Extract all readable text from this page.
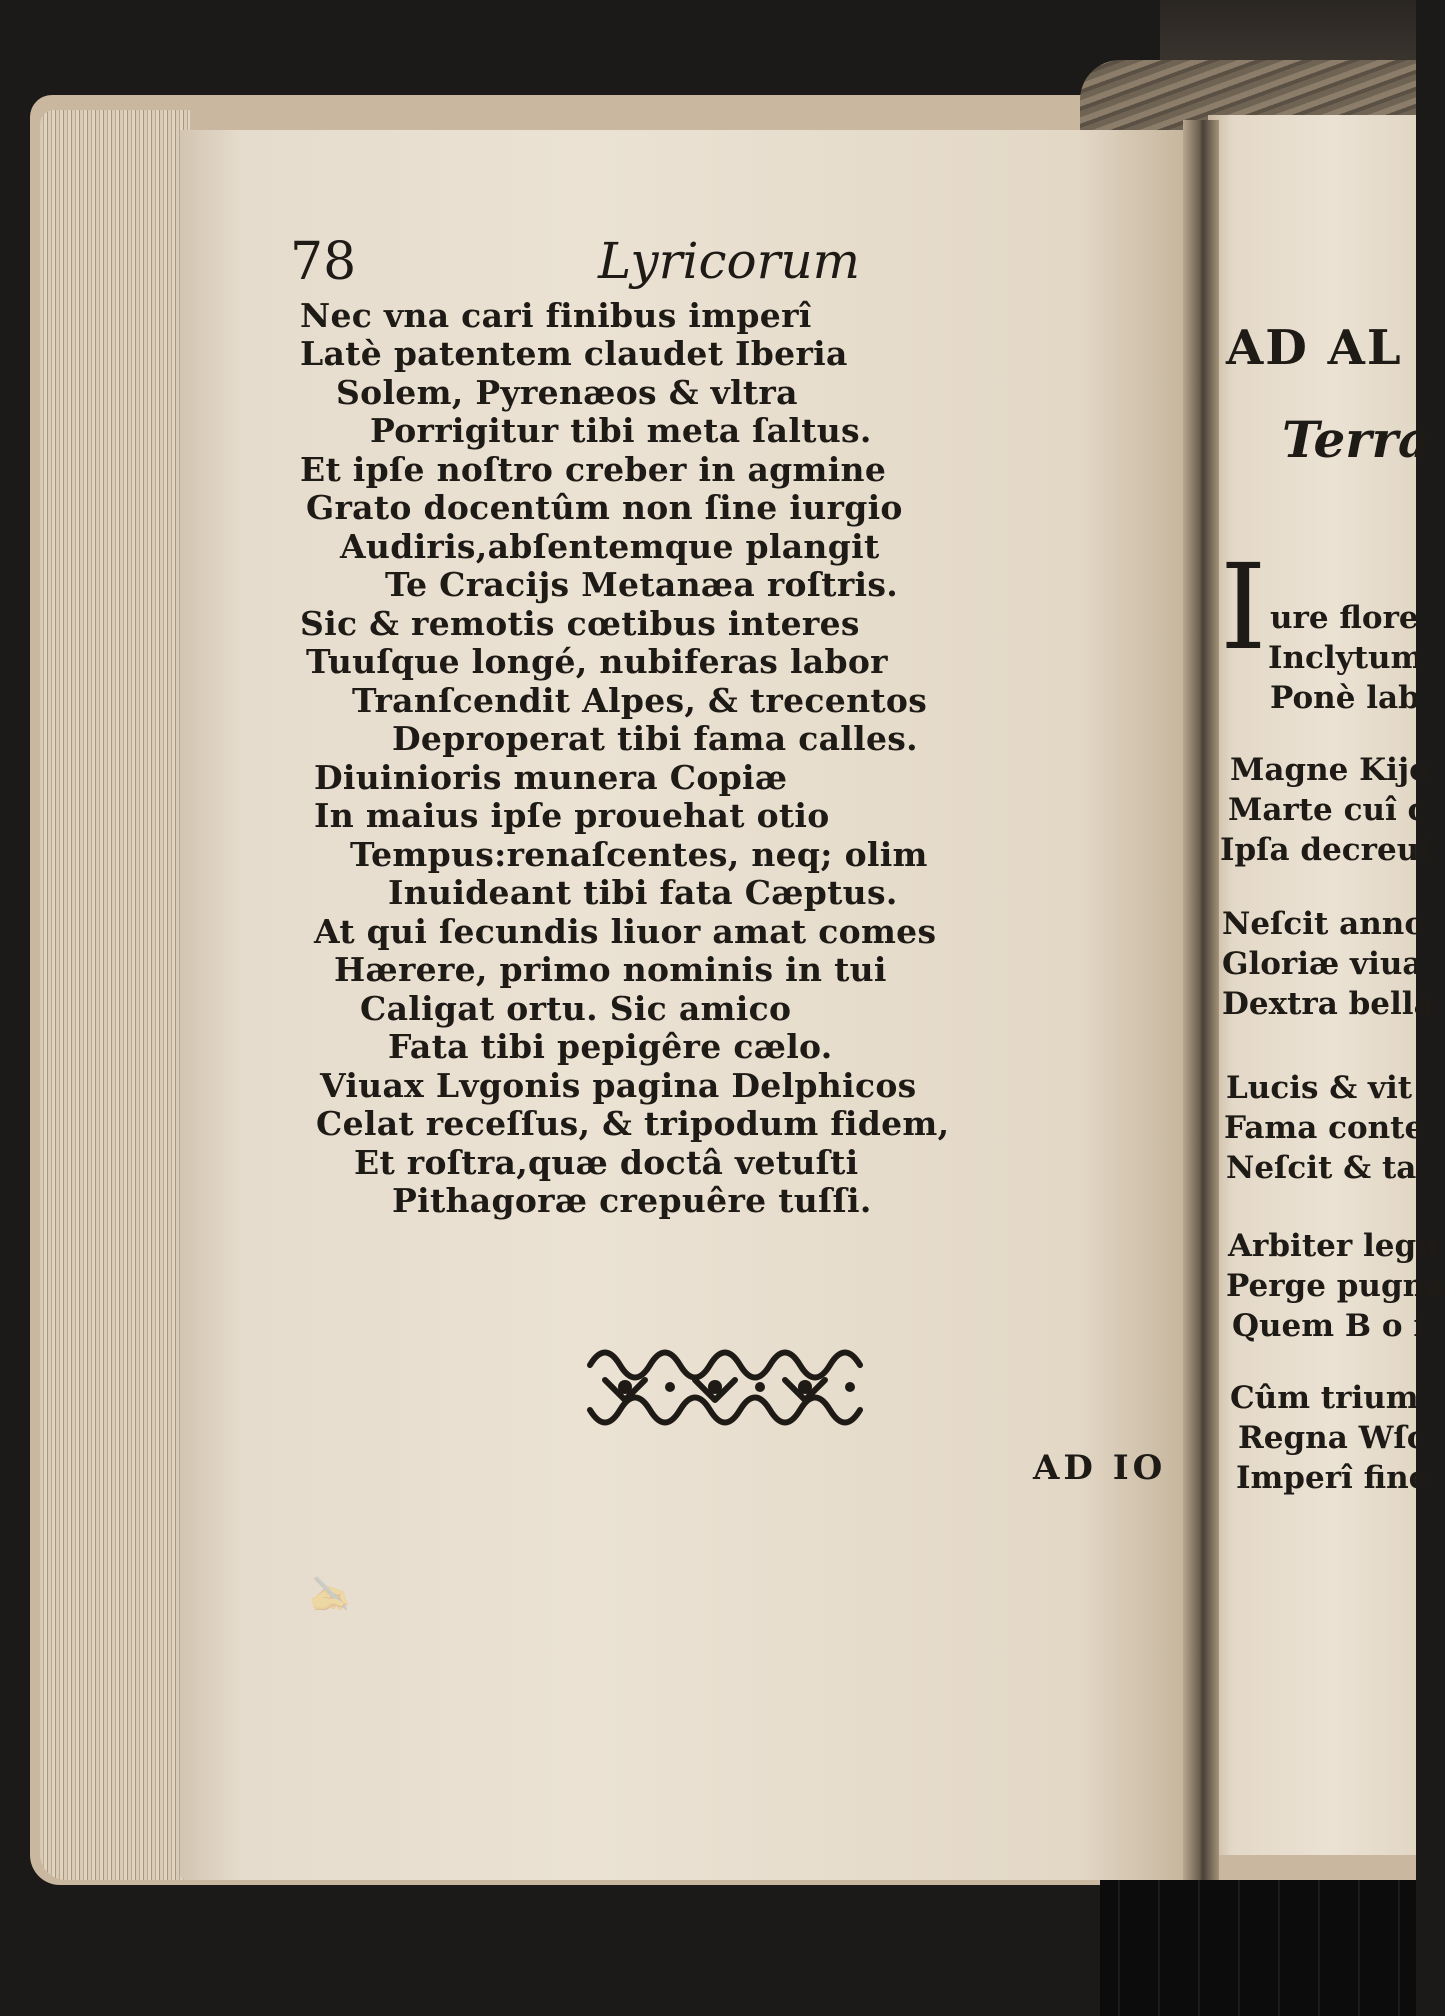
78	Lyricorum
Nec vna cari finibus imperî
Latè patentem claudet Iberia
Solem, Pyrenæos & vltra
Porrigitur tibi meta ſaltus.
Et ipſe noſtro creber in agmine
Grato docentûm non ſine iurgio
Audiris,abſentemque plangit
Te Cracijs Metanæa roſtris.
Sic & remotis cœtibus interes
Tuuſque longé, nubiferas labor
Tranſcendit Alpes, & trecentos
Deproperat tibi fama calles.
Diuinioris munera Copiæ
In maius ipſe prouehat otio
Tempus:renaſcentes, neq; olim
Inuideant tibi fata Cæptus.
At qui ſecundis liuor amat comes
Hærere, primo nominis in tui
Caligat ortu. Sic amico
Fata tibi pepigêre cælo.
Viuax Lvgonis pagina Delphicos
Celat receſſus, & tripodum fidem,
Et roſtra,quæ doctâ vetuſti
Pithagoræ crepuêre tuſſi.
AD IO
AD AL
Terra
I ure flore
Inclytum
Ponè lab
Magne Kijo
Marte cuî c
Ipſa decreui
Neſcit anno
Gloriæ viua
Dextra bella
Lucis & vit
Fama conte
Neſcit & ta
Arbiter legu
Perge pugna
Quem B o i
Cûm trium
Regna Wſc
Imperî fine
✍
